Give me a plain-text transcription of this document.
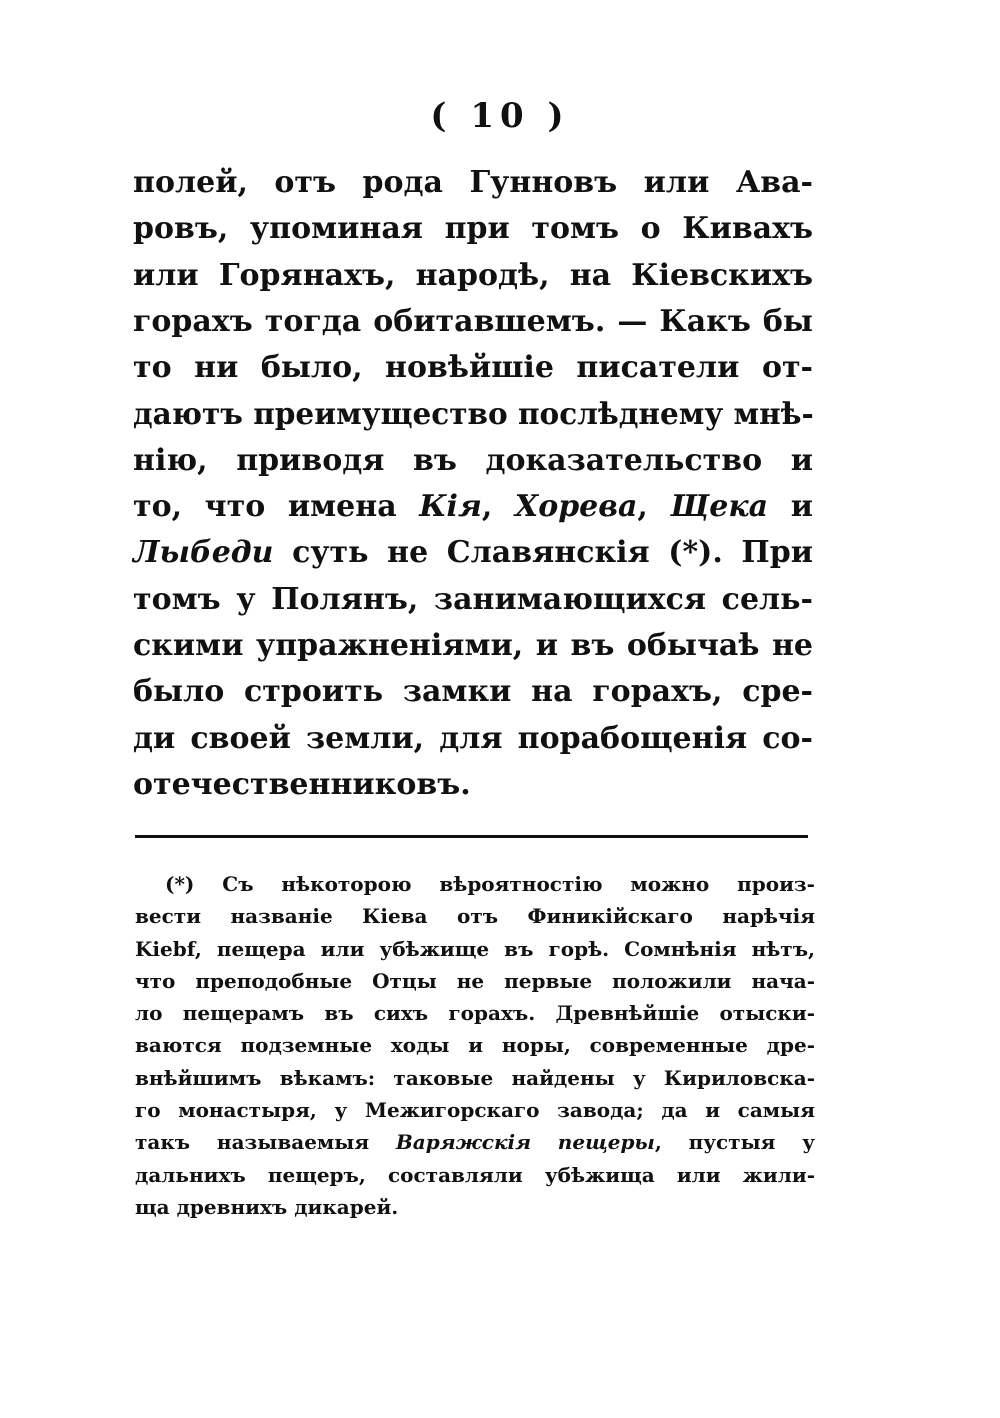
( 10 )
полей, отъ рода Гунновъ или Ава-
ровъ, упоминая при томъ о Кивахъ
или Горянахъ, народѣ, на Кіевскихъ
горахъ тогда обитавшемъ. — Какъ бы
то ни было, новѣйшіе писатели от-
даютъ преимущество послѣднему мнѣ-
нію, приводя въ доказательство и
то, что имена Кія, Хорева, Щека и
Лыбеди суть не Славянскія (*). При
томъ у Полянъ, занимающихся сель-
скими упражненіями, и въ обычаѣ не
было строить замки на горахъ, сре-
ди своей земли, для порабощенія со-
отечественниковъ.
(*) Съ нѣкоторою вѣроятностію можно произ-
вести названіе Кіева отъ Финикійскаго нарѣчія
Kiebf, пещера или убѣжище въ горѣ. Сомнѣнія нѣтъ,
что преподобные Отцы не первые положили нача-
ло пещерамъ въ сихъ горахъ. Древнѣйшіе отыски-
ваются подземные ходы и норы, современные дре-
внѣйшимъ вѣкамъ: таковые найдены у Кириловска-
го монастыря, у Межигорскаго завода; да и самыя
такъ называемыя Варяжскія пещеры, пустыя у
дальнихъ пещеръ, составляли убѣжища или жили-
ща древнихъ дикарей.
